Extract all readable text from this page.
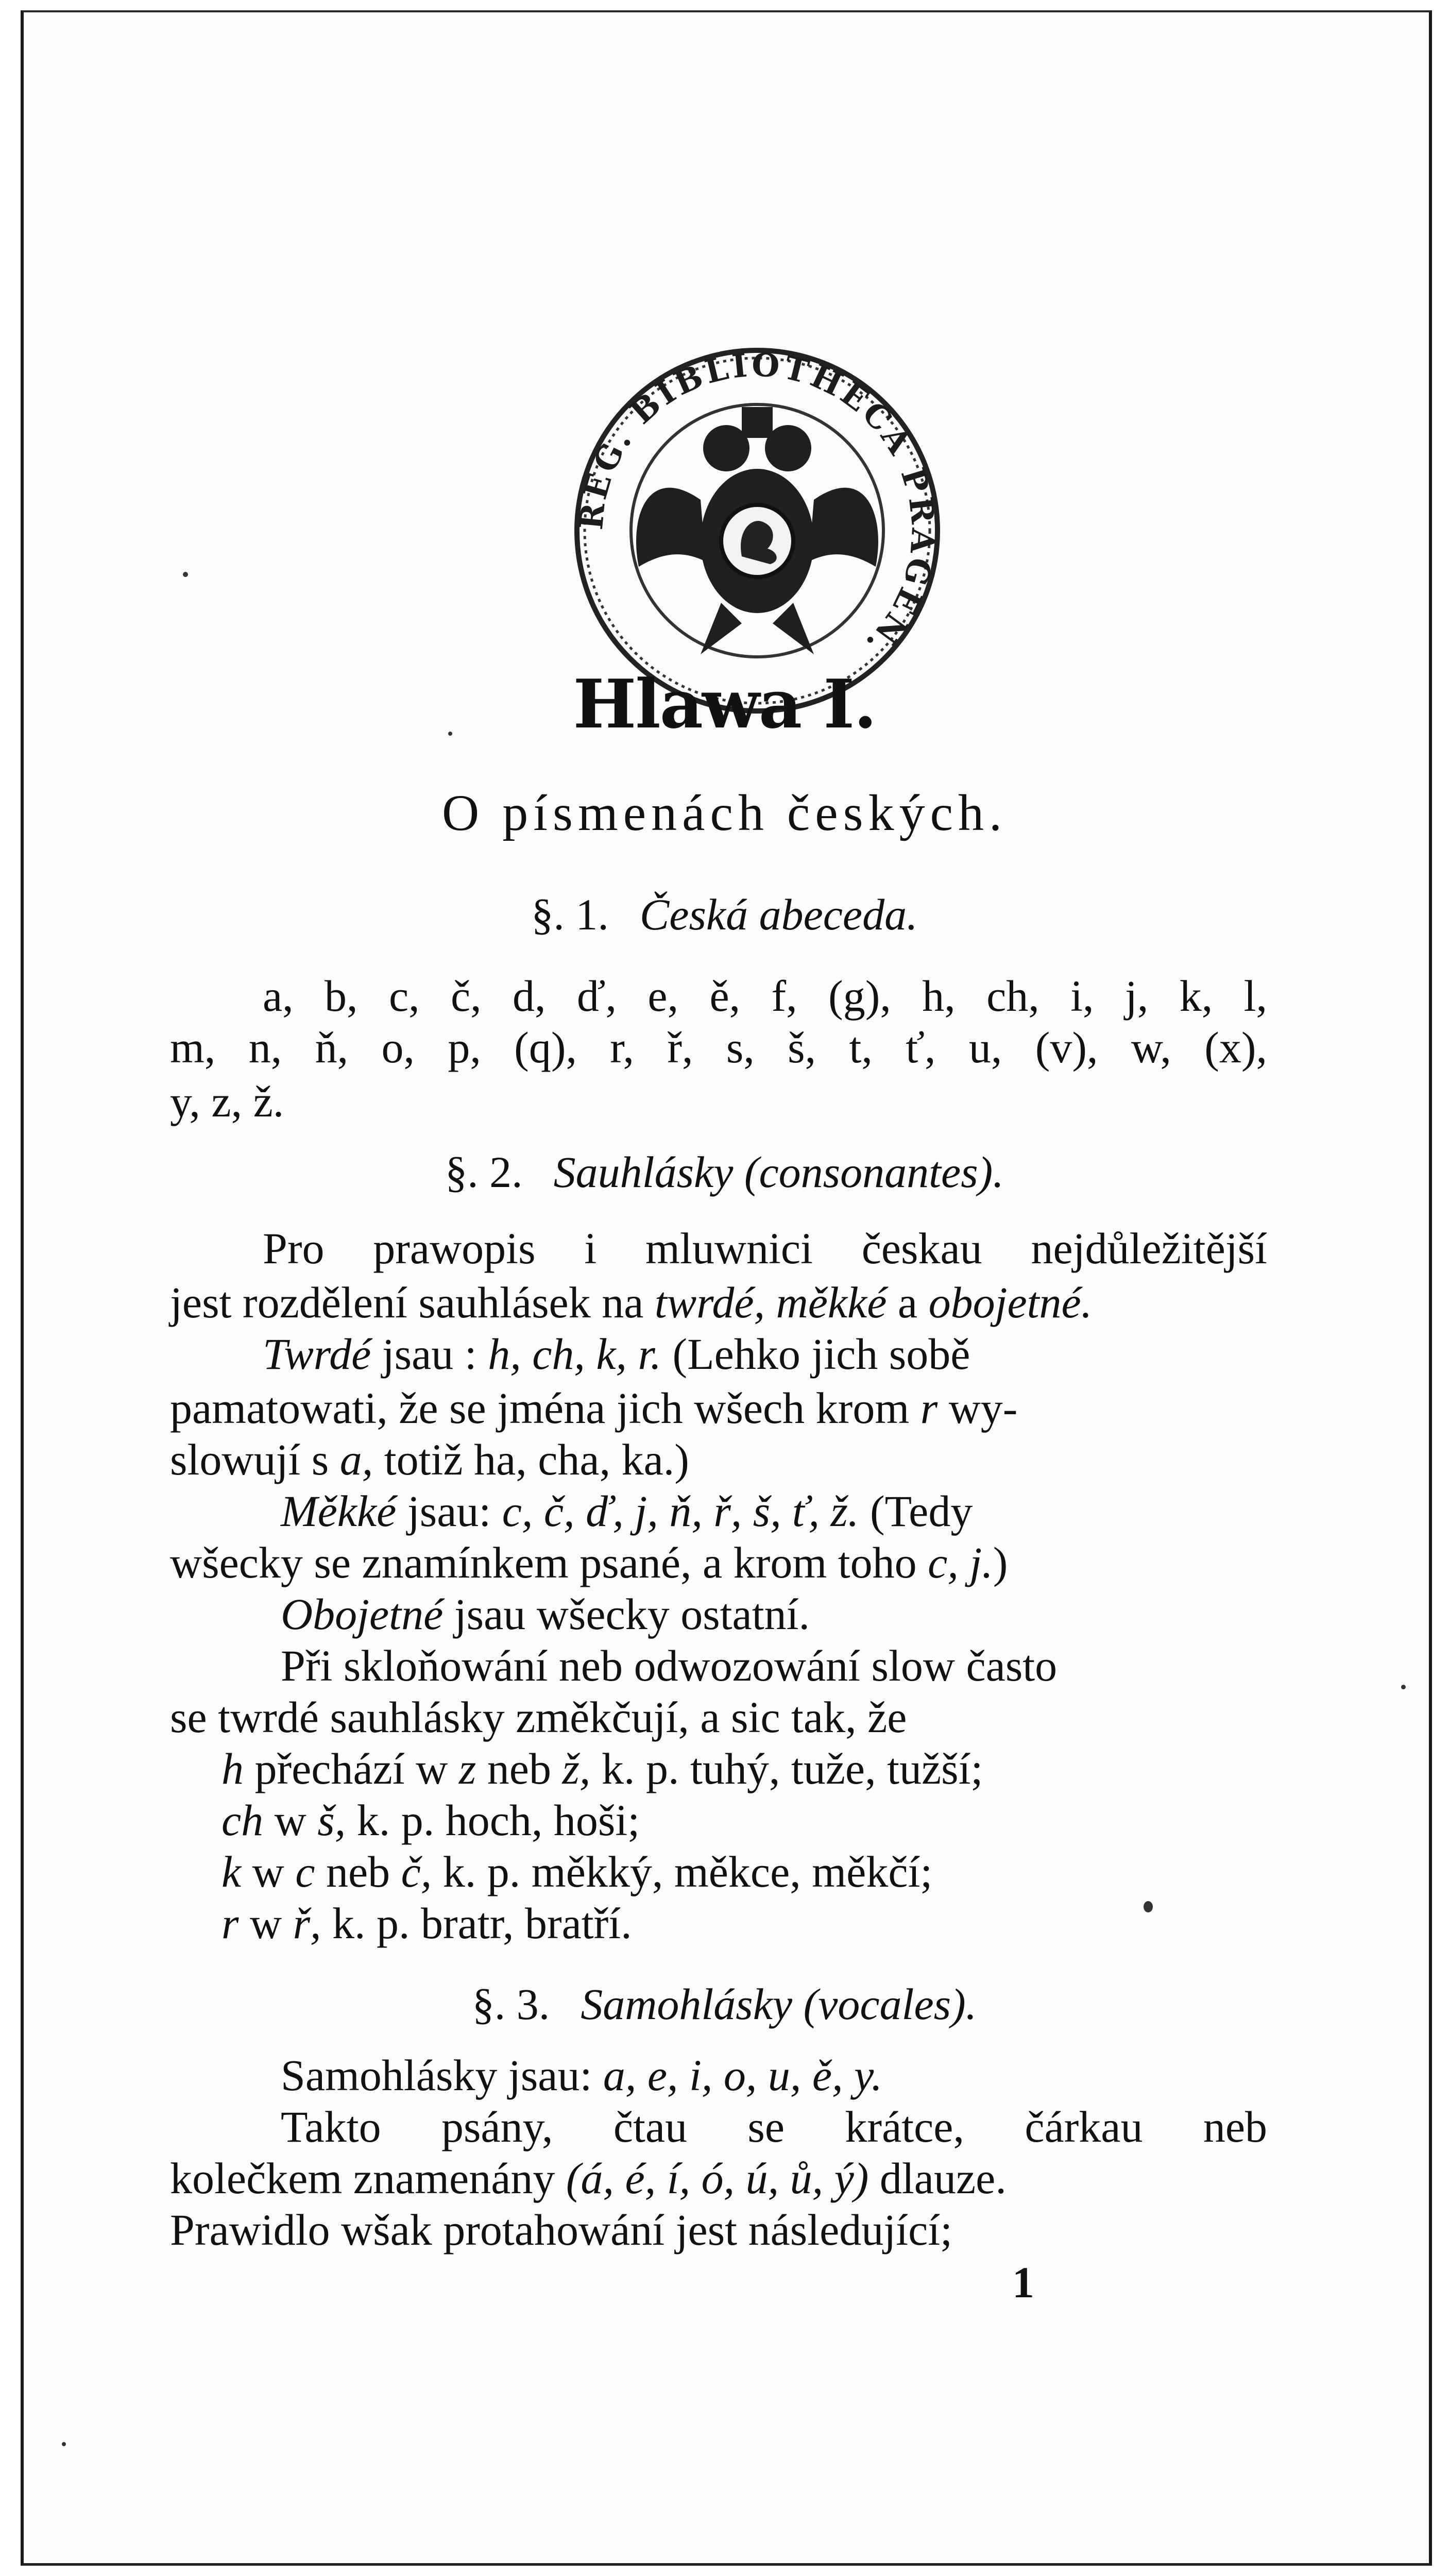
REG. BIBLIOTHECA PRAGEN.
Hlawa I.
O písmenách českých.
§. 1. Česká abeceda.
a, b, c, č, d, ď, e, ě, f, (g), h, ch, i, j, k, l,
m, n, ň, o, p, (q), r, ř, s, š, t, ť, u, (v), w, (x),
y, z, ž.
§. 2. Sauhlásky (consonantes).
Pro prawopis i mluwnici českau nejdůležitější
jest rozdělení sauhlásek na twrdé, měkké a obojetné.
Twrdé jsau : h, ch, k, r. (Lehko jich sobě
pamatowati, že se jména jich wšech krom r wy-
slowují s a, totiž ha, cha, ka.)
Měkké jsau: c, č, ď, j, ň, ř, š, ť, ž. (Tedy
wšecky se znamínkem psané, a krom toho c, j.)
Obojetné jsau wšecky ostatní.
Při skloňowání neb odwozowání slow často
se twrdé sauhlásky změkčují, a sic tak, že
h přechází w z neb ž, k. p. tuhý, tuže, tužší;
ch w š, k. p. hoch, hoši;
k w c neb č, k. p. měkký, měkce, měkčí;
r w ř, k. p. bratr, bratří.
§. 3. Samohlásky (vocales).
Samohlásky jsau: a, e, i, o, u, ě, y.
Takto psány, čtau se krátce, čárkau neb
kolečkem znamenány (á, é, í, ó, ú, ů, ý) dlauze.
Prawidlo wšak protahowání jest následující;
1
